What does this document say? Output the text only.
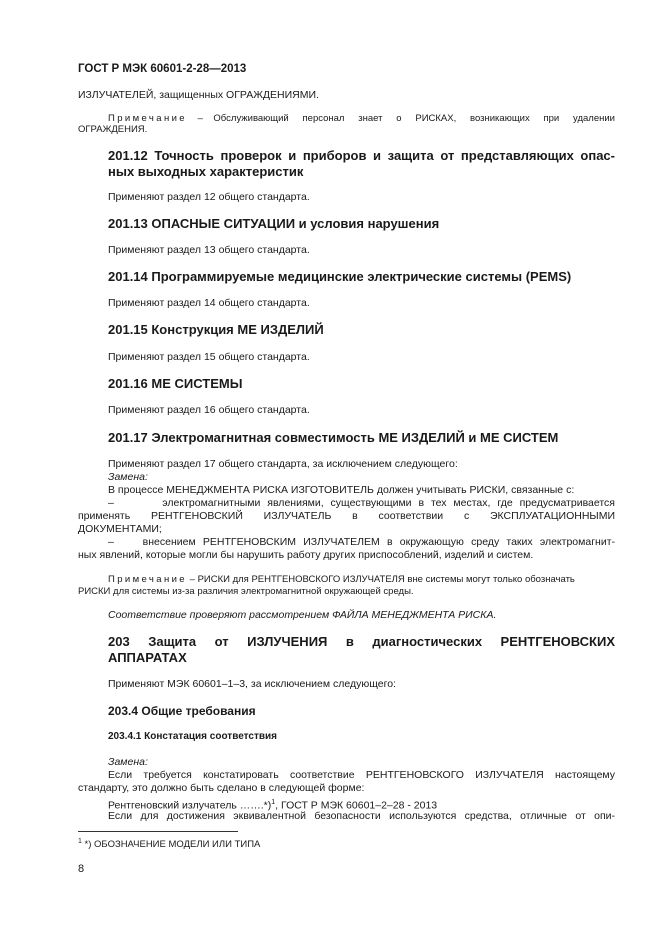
ГОСТ Р МЭК 60601-2-28—2013
ИЗЛУЧАТЕЛЕЙ, защищенных ОГРАЖДЕНИЯМИ.
Примечание –	Обслуживающий персонал знает о РИСКАХ, возникающих при удалении
ОГРАЖДЕНИЯ.
201.12 Точность проверок и приборов и защита от представляющих опас-
ных выходных характеристик
Применяют раздел 12 общего стандарта.
201.13 ОПАСНЫЕ СИТУАЦИИ и условия нарушения
Применяют раздел 13 общего стандарта.
201.14 Программируемые медицинские электрические системы (PEMS)
Применяют раздел 14 общего стандарта.
201.15 Конструкция МЕ ИЗДЕЛИЙ
Применяют раздел 15 общего стандарта.
201.16 МЕ СИСТЕМЫ
Применяют раздел 16 общего стандарта.
201.17 Электромагнитная совместимость МЕ ИЗДЕЛИЙ и МЕ СИСТЕМ
Применяют раздел 17 общего стандарта, за исключением следующего:
Замена:
В процессе МЕНЕДЖМЕНТА РИСКА ИЗГОТОВИТЕЛЬ должен учитывать РИСКИ, связанные с:
–       электромагнитными явлениями, существующими в тех местах, где предусматривается
применять РЕНТГЕНОВСКИЙ ИЗЛУЧАТЕЛЬ в соответствии с ЭКСПЛУАТАЦИОННЫМИ
ДОКУМЕНТАМИ;
–    внесением РЕНТГЕНОВСКИМ ИЗЛУЧАТЕЛЕМ в окружающую среду таких электромагнит-
ных явлений, которые могли бы нарушить работу других приспособлений, изделий и систем.
Примечание – РИСКИ для РЕНТГЕНОВСКОГО ИЗЛУЧАТЕЛЯ вне системы могут только обозначать
РИСКИ для системы из-за различия электромагнитной окружающей среды.
Соответствие проверяют рассмотрением ФАЙЛА МЕНЕДЖМЕНТА РИСКА.
203 Защита от ИЗЛУЧЕНИЯ в диагностических РЕНТГЕНОВСКИХ
АППАРАТАХ
Применяют МЭК 60601–1–3, за исключением следующего:
203.4 Общие требования
203.4.1 Констатация соответствия
Замена:
Если требуется констатировать соответствие РЕНТГЕНОВСКОГО ИЗЛУЧАТЕЛЯ настоящему
стандарту, это должно быть сделано в следующей форме:
Рентгеновский излучатель …….*)$^1$, ГОСТ Р МЭК 60601–2–28 - 2013
Если для достижения эквивалентной безопасности используются средства, отличные от опи-
$^1$ *) ОБОЗНАЧЕНИЕ МОДЕЛИ ИЛИ ТИПА
8
